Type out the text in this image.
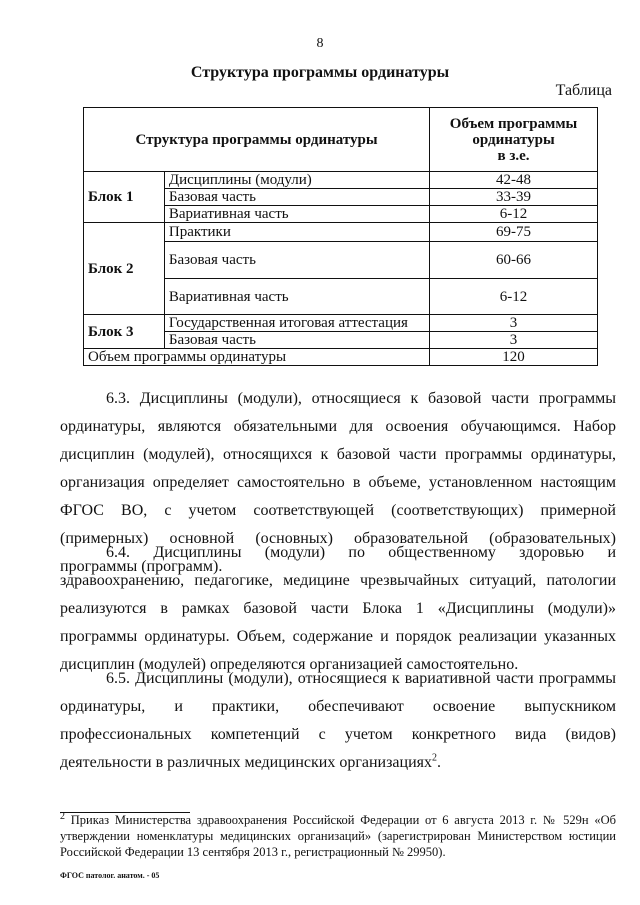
8
Структура программы ординатуры
Таблица
Структура программы ординатуры		Объем программы
ординатуры
в з.е.

Блок 1	Дисциплины (модули)	42-48
	Базовая часть	33-39
	Вариативная часть	6-12
Блок 2	Практики	69-75
	Базовая часть	60-66
	Вариативная часть	6-12
Блок 3	Государственная итоговая аттестация	3
	Базовая часть	3
Объем программы ординатуры		120

6.3. Дисциплины (модули), относящиеся к базовой части программы ординатуры, являются обязательными для освоения обучающимся. Набор дисциплин (модулей), относящихся к базовой части программы ординатуры, организация определяет самостоятельно в объеме, установленном настоящим ФГОС ВО, с учетом соответствующей (соответствующих) примерной (примерных) основной (основных) образовательной (образовательных) программы (программ).

6.4. Дисциплины (модули) по общественному здоровью и здравоохранению, педагогике, медицине чрезвычайных ситуаций, патологии реализуются в рамках базовой части Блока 1 «Дисциплины (модули)» программы ординатуры. Объем, содержание и порядок реализации указанных дисциплин (модулей) определяются организацией самостоятельно.

6.5. Дисциплины (модули), относящиеся к вариативной части программы ординатуры, и практики, обеспечивают освоение выпускником профессиональных компетенций с учетом конкретного вида (видов) деятельности в различных медицинских организациях$^2$.

$^2$ Приказ Министерства здравоохранения Российской Федерации от 6 августа 2013 г. № 529н «Об утверждении номенклатуры медицинских организаций» (зарегистрирован Министерством юстиции Российской Федерации 13 сентября 2013 г., регистрационный № 29950).

ФГОС патолог. анатом. - 05
